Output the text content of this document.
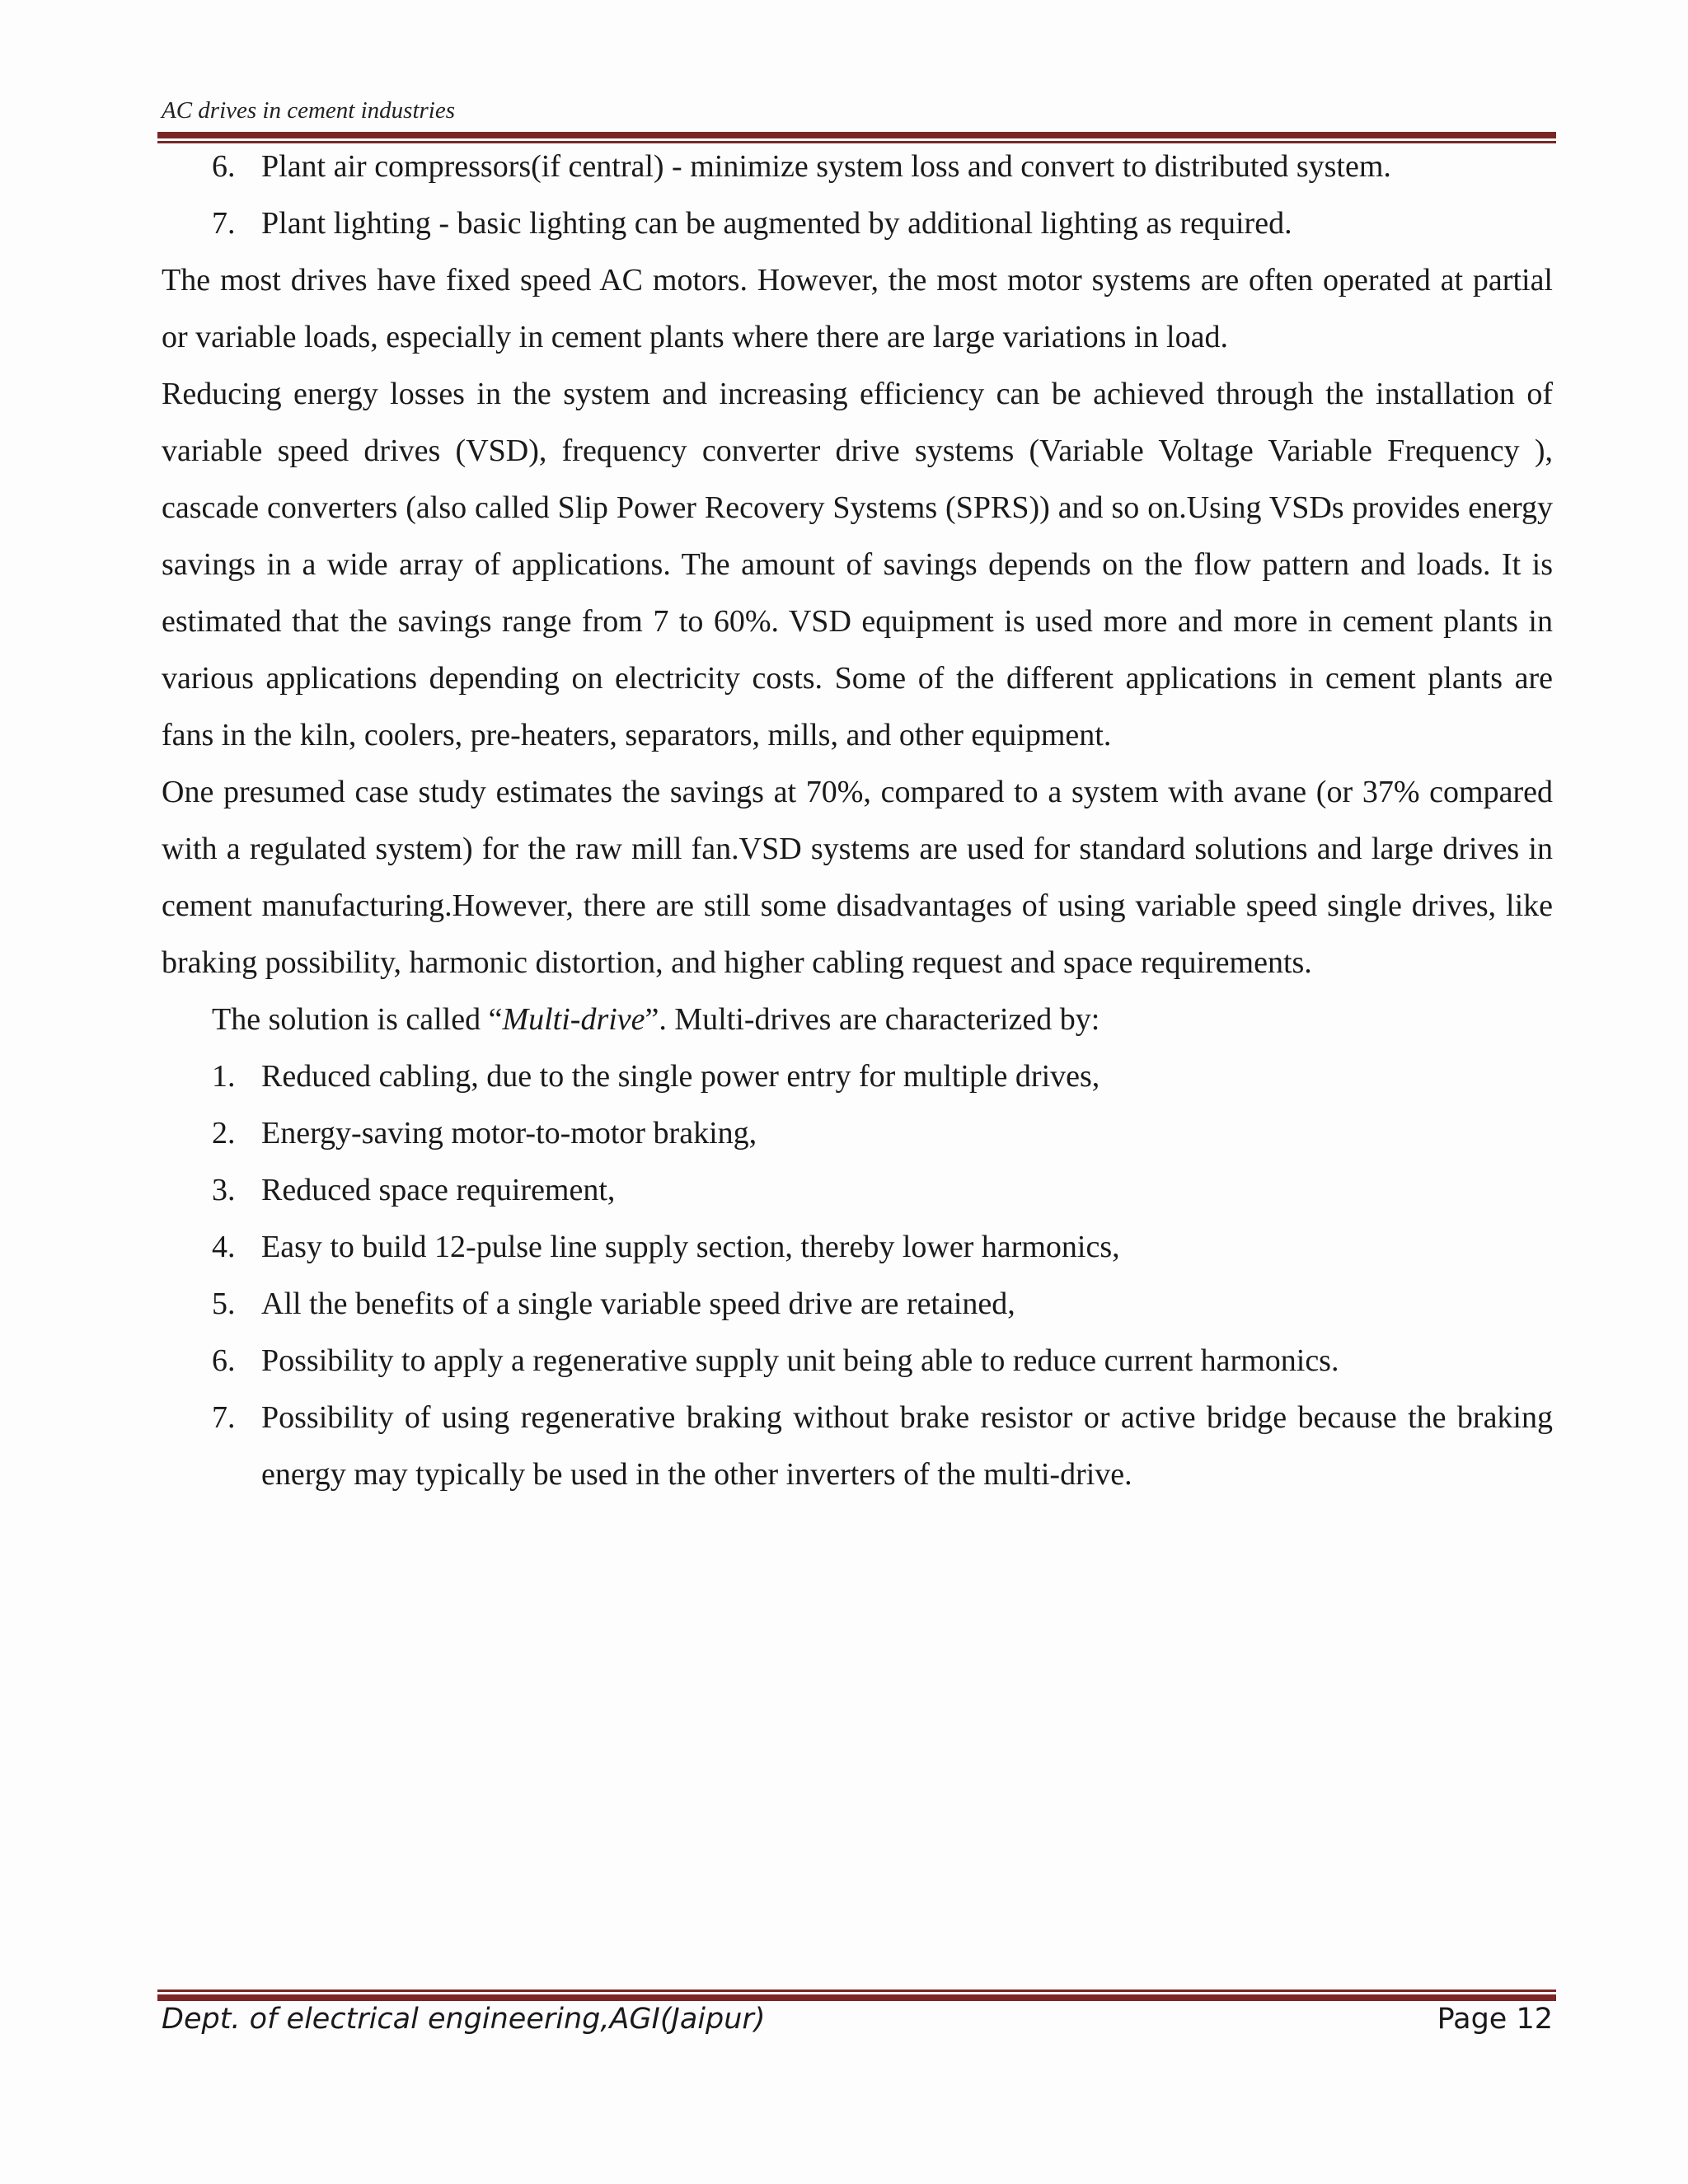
AC drives in cement industries
6. Plant air compressors(if central) - minimize system loss and convert to distributed system.
7. Plant lighting - basic lighting can be augmented by additional lighting as required.

The most drives have fixed speed AC motors. However, the most motor systems are often operated at partial or variable loads, especially in cement plants where there are large variations in load.

Reducing energy losses in the system and increasing efficiency can be achieved through the installation of variable speed drives (VSD), frequency converter drive systems (Variable Voltage Variable Frequency ), cascade converters (also called Slip Power Recovery Systems (SPRS)) and so on.Using VSDs provides energy savings in a wide array of applications. The amount of savings depends on the flow pattern and loads. It is estimated that the savings range from 7 to 60%. VSD equipment is used more and more in cement plants in various applications depending on electricity costs. Some of the different applications in cement plants are fans in the kiln, coolers, pre-heaters, separators, mills, and other equipment.

One presumed case study estimates the savings at 70%, compared to a system with avane (or 37% compared with a regulated system) for the raw mill fan.VSD systems are used for standard solutions and large drives in cement manufacturing.However, there are still some disadvantages of using variable speed single drives, like braking possibility, harmonic distortion, and higher cabling request and space requirements.

The solution is called “Multi-drive”. Multi-drives are characterized by:

1. Reduced cabling, due to the single power entry for multiple drives,
2. Energy-saving motor-to-motor braking,
3. Reduced space requirement,
4. Easy to build 12-pulse line supply section, thereby lower harmonics,
5. All the benefits of a single variable speed drive are retained,
6. Possibility to apply a regenerative supply unit being able to reduce current harmonics.
7. Possibility of using regenerative braking without brake resistor or active bridge because the braking energy may typically be used in the other inverters of the multi-drive.
Dept. of electrical engineering,AGI(Jaipur)	Page 12
